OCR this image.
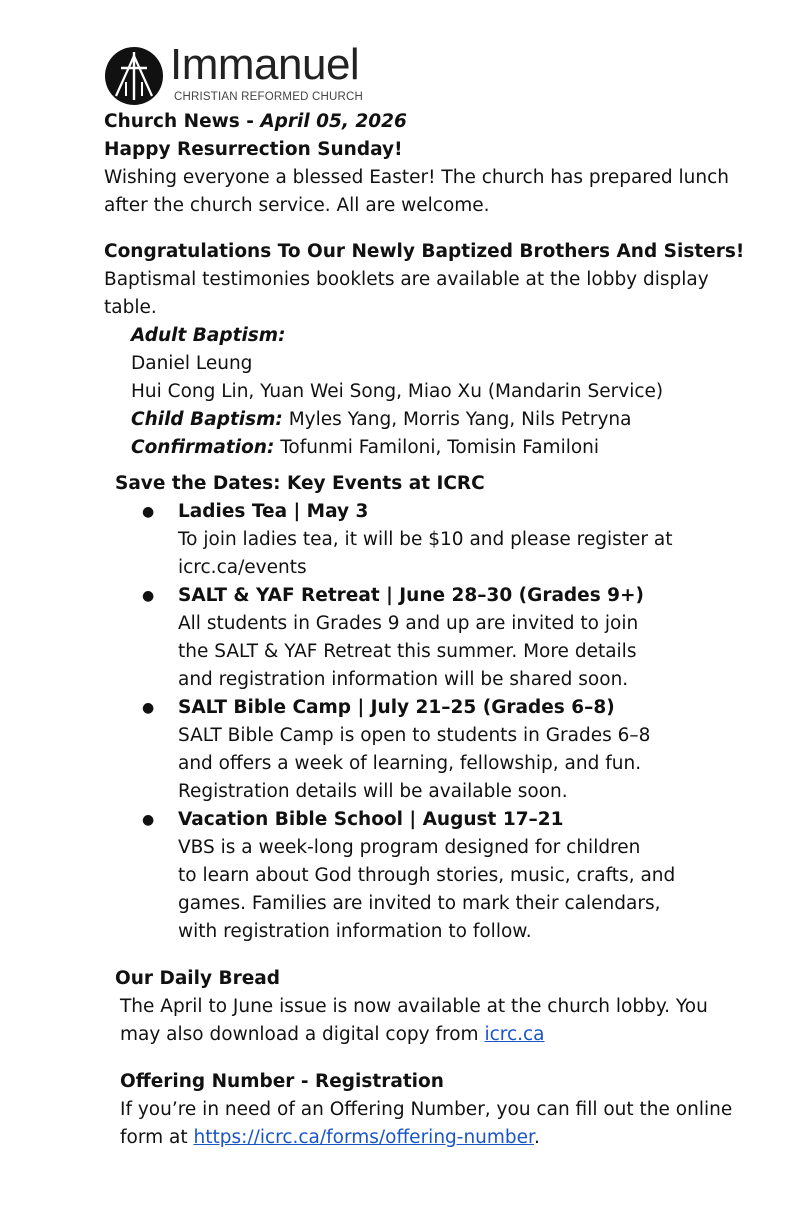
Immanuel
CHRISTIAN REFORMED CHURCH
Church News - April 05, 2026
Happy Resurrection Sunday!
Wishing everyone a blessed Easter! The church has prepared lunch
after the church service. All are welcome.
Congratulations To Our Newly Baptized Brothers And Sisters!
Baptismal testimonies booklets are available at the lobby display
table.
Adult Baptism:
Daniel Leung
Hui Cong Lin, Yuan Wei Song, Miao Xu (Mandarin Service)
Child Baptism: Myles Yang, Morris Yang, Nils Petryna
Confirmation: Tofunmi Familoni, Tomisin Familoni
Save the Dates: Key Events at ICRC
● Ladies Tea | May 3
To join ladies tea, it will be $10 and please register at
icrc.ca/events
● SALT & YAF Retreat | June 28–30 (Grades 9+)
All students in Grades 9 and up are invited to join
the SALT & YAF Retreat this summer. More details
and registration information will be shared soon.
● SALT Bible Camp | July 21–25 (Grades 6–8)
SALT Bible Camp is open to students in Grades 6–8
and offers a week of learning, fellowship, and fun.
Registration details will be available soon.
● Vacation Bible School | August 17–21
VBS is a week-long program designed for children
to learn about God through stories, music, crafts, and
games. Families are invited to mark their calendars,
with registration information to follow.
Our Daily Bread
The April to June issue is now available at the church lobby. You
may also download a digital copy from icrc.ca
Offering Number - Registration
If you’re in need of an Offering Number, you can fill out the online
form at https://icrc.ca/forms/offering-number.
